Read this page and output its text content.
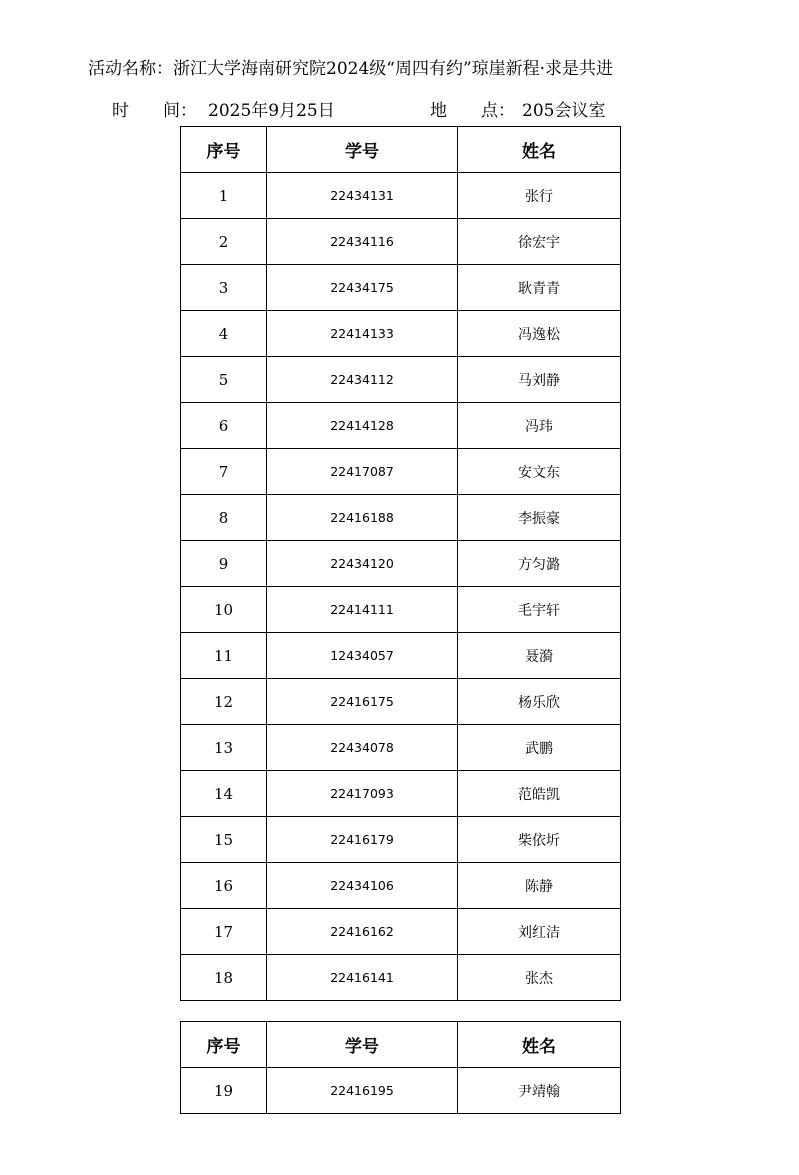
活动名称：浙江大学海南研究院2024级“周四有约”琼崖新程·求是共进
时　　间： 2025年9月25日	地　　点： 205会议室
序号	学号	姓名
1	22434131	张行
2	22434116	徐宏宇
3	22434175	耿青青
4	22414133	冯逸松
5	22434112	马刘静
6	22414128	冯玮
7	22417087	安文东
8	22416188	李振豪
9	22434120	方匀潞
10	22414111	毛宇轩
11	12434057	聂漪
12	22416175	杨乐欣
13	22434078	武鹏
14	22417093	范皓凯
15	22416179	柴依圻
16	22434106	陈静
17	22416162	刘红洁
18	22416141	张杰
序号	学号	姓名
19	22416195	尹靖翰
